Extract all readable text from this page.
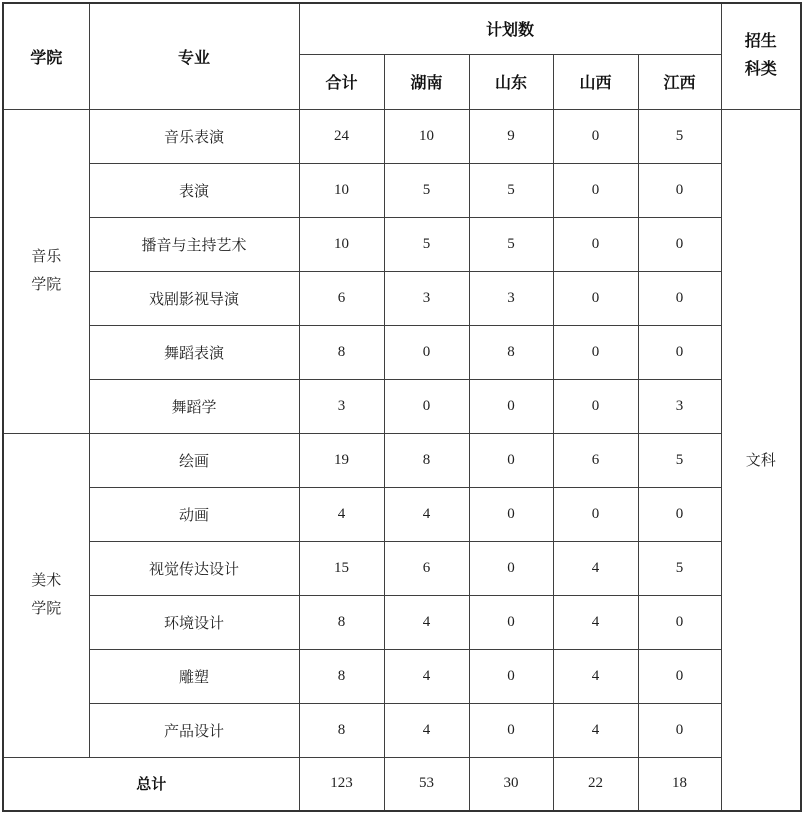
学院	专业	计划数					招生
科类

		合计	湖南	山东	山西	江西	

音乐
学院	音乐表演	24	10	9	0	5	文科
	表演	10	5	5	0	0	
	播音与主持艺术	10	5	5	0	0	
	戏剧影视导演	6	3	3	0	0	
	舞蹈表演	8	0	8	0	0	
	舞蹈学	3	0	0	0	3	

美术
学院	绘画	19	8	0	6	5	
	动画	4	4	0	0	0	
	视觉传达设计	15	6	0	4	5	
	环境设计	8	4	0	4	0	
	雕塑	8	4	0	4	0	
	产品设计	8	4	0	4	0	
总计		123	53	30	22	18	
